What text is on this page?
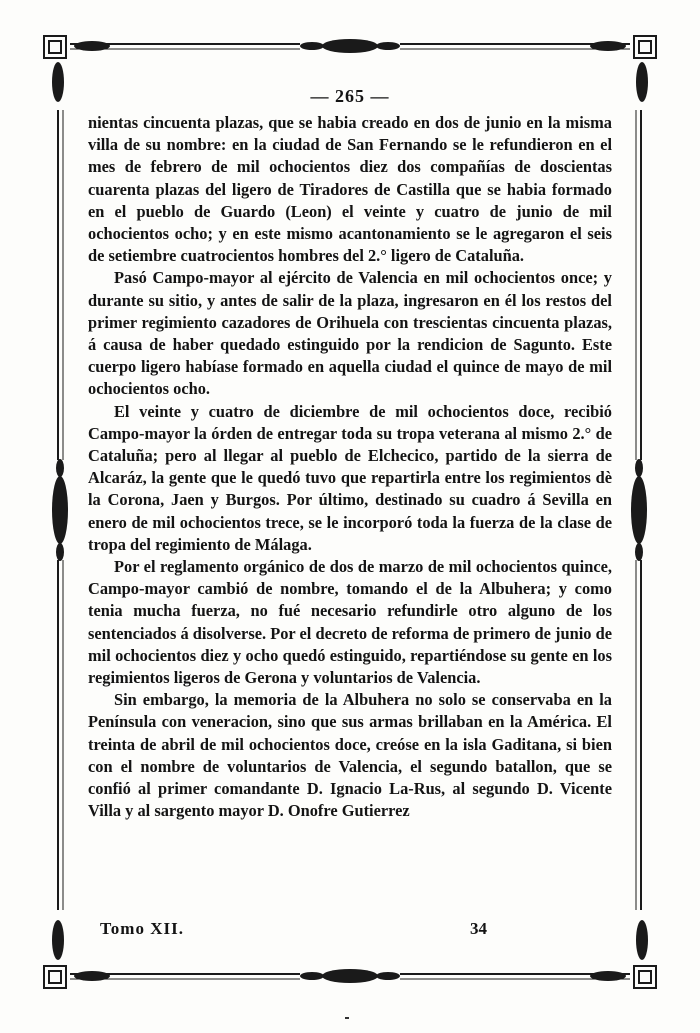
— 265 —

nientas cincuenta plazas, que se habia creado en dos de junio en la misma villa de su nombre: en la ciudad de San Fernando se le refundieron en el mes de febrero de mil ochocientos diez dos compañías de doscientas cuarenta plazas del ligero de Tiradores de Castilla que se habia formado en el pueblo de Guardo (Leon) el veinte y cuatro de junio de mil ochocientos ocho; y en este mismo acantonamiento se le agregaron el seis de setiembre cuatrocientos hombres del 2.° ligero de Cataluña.

Pasó Campo-mayor al ejército de Valencia en mil ochocientos once; y durante su sitio, y antes de salir de la plaza, ingresaron en él los restos del primer regimiento cazadores de Orihuela con trescientas cincuenta plazas, á causa de haber quedado estinguido por la rendicion de Sagunto. Este cuerpo ligero habíase formado en aquella ciudad el quince de mayo de mil ochocientos ocho.

El veinte y cuatro de diciembre de mil ochocientos doce, recibió Campo-mayor la órden de entregar toda su tropa veterana al mismo 2.° de Cataluña; pero al llegar al pueblo de Elchecico, partido de la sierra de Alcaráz, la gente que le quedó tuvo que repartirla entre los regimientos dè la Corona, Jaen y Burgos. Por último, destinado su cuadro á Sevilla en enero de mil ochocientos trece, se le incorporó toda la fuerza de la clase de tropa del regimiento de Málaga.

Por el reglamento orgánico de dos de marzo de mil ochocientos quince, Campo-mayor cambió de nombre, tomando el de la Albuhera; y como tenia mucha fuerza, no fué necesario refundirle otro alguno de los sentenciados á disolverse. Por el decreto de reforma de primero de junio de mil ochocientos diez y ocho quedó estinguido, repartiéndose su gente en los regimientos ligeros de Gerona y voluntarios de Valencia.

Sin embargo, la memoria de la Albuhera no solo se conservaba en la Península con veneracion, sino que sus armas brillaban en la América. El treinta de abril de mil ochocientos doce, creóse en la isla Gaditana, si bien con el nombre de voluntarios de Valencia, el segundo batallon, que se confió al primer comandante D. Ignacio La-Rus, al segundo D. Vicente Villa y al sargento mayor D. Onofre Gutierrez

Tomo XII.	34
